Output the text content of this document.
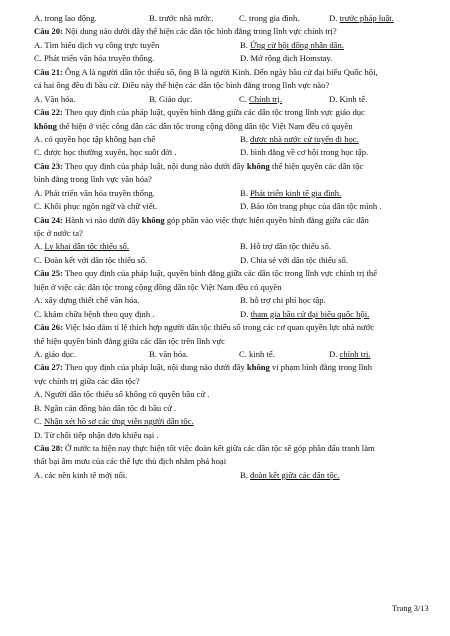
A. trong lao động.	B. trước nhà nước.	C. trong gia đình.	D. trước pháp luật.
Câu 20: Nội dung nào dưới đây thể hiện các dân tộc bình đẳng trong lĩnh vực chính trị?
A. Tìm hiểu dịch vụ công trực tuyến	B. Ứng cử hội đồng nhân dân.
C. Phát triển văn hóa truyền thống.	D. Mở rộng dịch Homstay.
Câu 21: Ông A là người dân tộc thiểu số, ông B là người Kinh. Đến ngày bầu cử đại biểu Quốc hội,
cả hai ông đều đi bầu cử. Điều này thể hiện các dân tộc bình đẳng trong lĩnh vực nào?
A. Văn hóa.	B. Giáo dục.	C. Chính trị.	D. Kinh tế.
Câu 22: Theo quy định của pháp luật, quyền bình đẳng giữa các dân tộc trong lĩnh vực giáo dục
không thể hiện ở việc công dân các dân tộc trong cộng đồng dân tộc Việt Nam đều có quyền
A. có quyền học tập không hạn chế	B. được nhà nước cử tuyển đi học.
C. được học thường xuyên, học suốt đời .	D. bình đẳng về cơ hội trong học tập.
Câu 23: Theo quy định của pháp luật, nội dung nào dưới đây không thể hiện quyền các dân tộc
bình đẳng trong lĩnh vực văn hóa?
A. Phát triển văn hóa truyền thống.	B. Phát triển kinh tế gia đình.
C. Khôi phục ngôn ngữ và chữ viết.	D. Bảo tồn trang phục của dân tộc mình .
Câu 24: Hành vi nào dưới đây không góp phần vào việc thực hiện quyền bình đẳng giữa các dân
tộc ở nước ta?
A. Ly khai dân tộc thiểu số.	B. Hỗ trợ dân tộc thiểu số.
C. Đoàn kết với dân tộc thiểu số.	D. Chia sẻ với dân tộc thiểu số.
Câu 25: Theo quy định của pháp luật, quyền bình đẳng giữa các dân tộc trong lĩnh vực chính trị thể
hiện ở việc các dân tộc trong cộng đồng dân tộc Việt Nam đều có quyền
A. xây dựng thiết chế văn hóa.	B. hỗ trợ chi phí học tập.
C. khám chữa bệnh theo quy định .	D. tham gia bầu cử đại biểu quốc hội.
Câu 26: Việc bảo đảm tỉ lệ thích hợp người dân tộc thiểu số trong các cơ quan quyền lực nhà nước
thể hiện quyền bình đẳng giữa các dân tộc trên lĩnh vực
A. giáo dục.	B. văn hóa.	C. kinh tế.	D. chính trị.
Câu 27: Theo quy định của pháp luật, nội dung nào dưới đây không vi phạm bình đẳng trong lĩnh
vực chính trị giữa các dân tộc?
A. Người dân tộc thiểu số không có quyền bầu cử .
B. Ngăn cản đồng bào dân tộc đi bầu cử .
C. Nhận xét hồ sơ các ứng viên người dân tộc.
D. Từ chối tiếp nhận đơn khiếu nại .
Câu 28: Ở nước ta hiện nay thực hiện tốt việc đoàn kết giữa các dân tộc sẽ góp phần đấu tranh làm
thất bại âm mưu của các thế lực thù địch nhằm phá hoại
A. các nền kinh tế mới nổi.	B. đoàn kết giữa các dân tộc.
Trang 3/13
